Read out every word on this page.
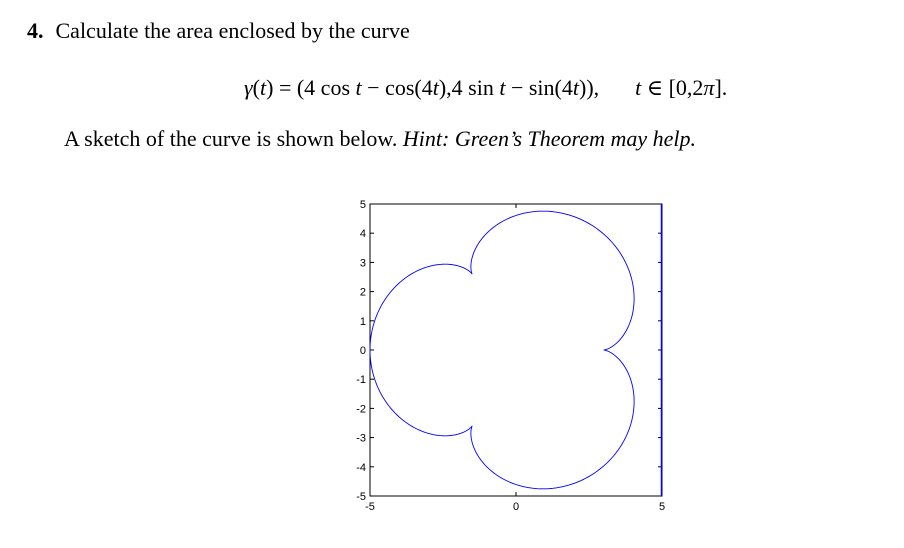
4. Calculate the area enclosed by the curve
γ(t) = (4 cos t − cos(4t),4 sin t − sin(4t)), t ∈ [0,2π].
A sketch of the curve is shown below. Hint: Green’s Theorem may help.
-5
-4
-3
-2
-1
0
1
2
3
4
5
-5	0	5
